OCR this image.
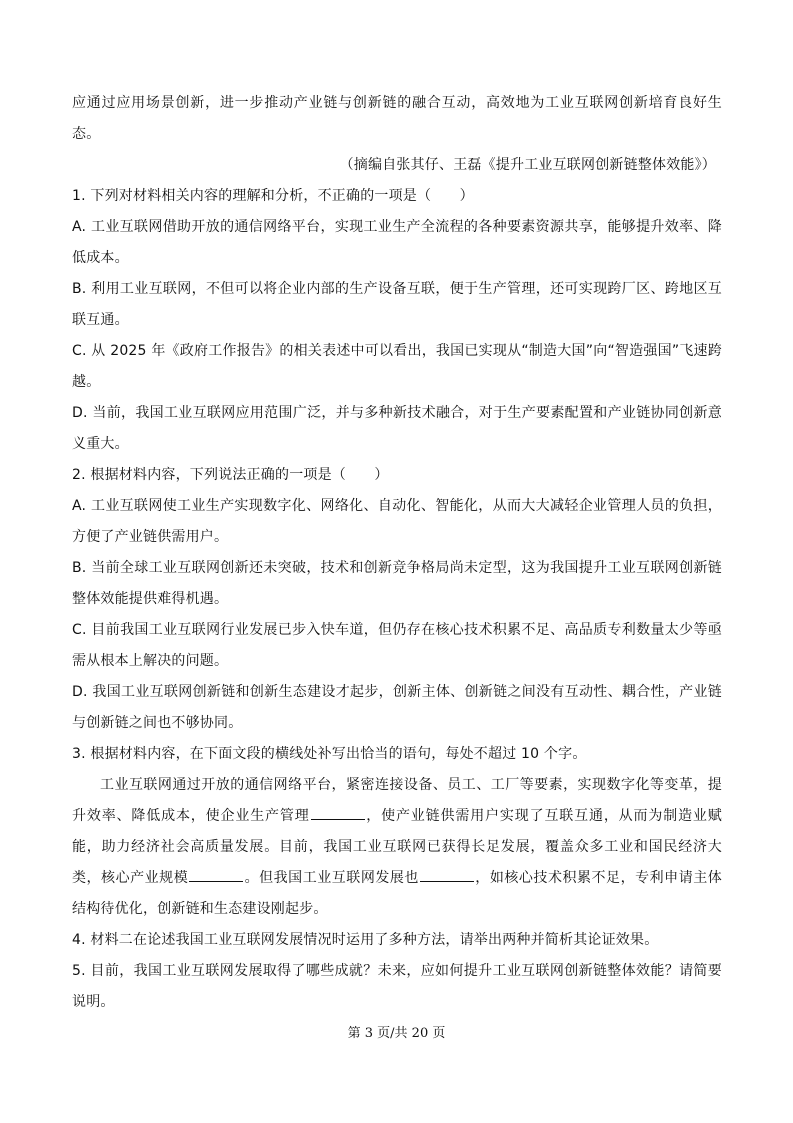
应通过应用场景创新，进一步推动产业链与创新链的融合互动，高效地为工业互联网创新培育良好生态。

（摘编自张其仔、王磊《提升工业互联网创新链整体效能》）

1. 下列对材料相关内容的理解和分析，不正确的一项是（　　）

A. 工业互联网借助开放的通信网络平台，实现工业生产全流程的各种要素资源共享，能够提升效率、降低成本。

B. 利用工业互联网，不但可以将企业内部的生产设备互联，便于生产管理，还可实现跨厂区、跨地区互联互通。

C. 从 2025 年《政府工作报告》的相关表述中可以看出，我国已实现从“制造大国”向“智造强国”飞速跨越。

D. 当前，我国工业互联网应用范围广泛，并与多种新技术融合，对于生产要素配置和产业链协同创新意义重大。

2. 根据材料内容，下列说法正确的一项是（　　）

A. 工业互联网使工业生产实现数字化、网络化、自动化、智能化，从而大大减轻企业管理人员的负担，方便了产业链供需用户。

B. 当前全球工业互联网创新还未突破，技术和创新竞争格局尚未定型，这为我国提升工业互联网创新链整体效能提供难得机遇。

C. 目前我国工业互联网行业发展已步入快车道，但仍存在核心技术积累不足、高品质专利数量太少等亟需从根本上解决的问题。

D. 我国工业互联网创新链和创新生态建设才起步，创新主体、创新链之间没有互动性、耦合性，产业链与创新链之间也不够协同。

3. 根据材料内容，在下面文段的横线处补写出恰当的语句，每处不超过 10 个字。

工业互联网通过开放的通信网络平台，紧密连接设备、员工、工厂等要素，实现数字化等变革，提升效率、降低成本，使企业生产管理	，使产业链供需用户实现了互联互通，从而为制造业赋能，助力经济社会高质量发展。目前，我国工业互联网已获得长足发展，覆盖众多工业和国民经济大类，核心产业规模	。但我国工业互联网发展也	，如核心技术积累不足，专利申请主体结构待优化，创新链和生态建设刚起步。

4. 材料二在论述我国工业互联网发展情况时运用了多种方法，请举出两种并简析其论证效果。

5. 目前，我国工业互联网发展取得了哪些成就？未来，应如何提升工业互联网创新链整体效能？请简要说明。

第 3 页/共 20 页
